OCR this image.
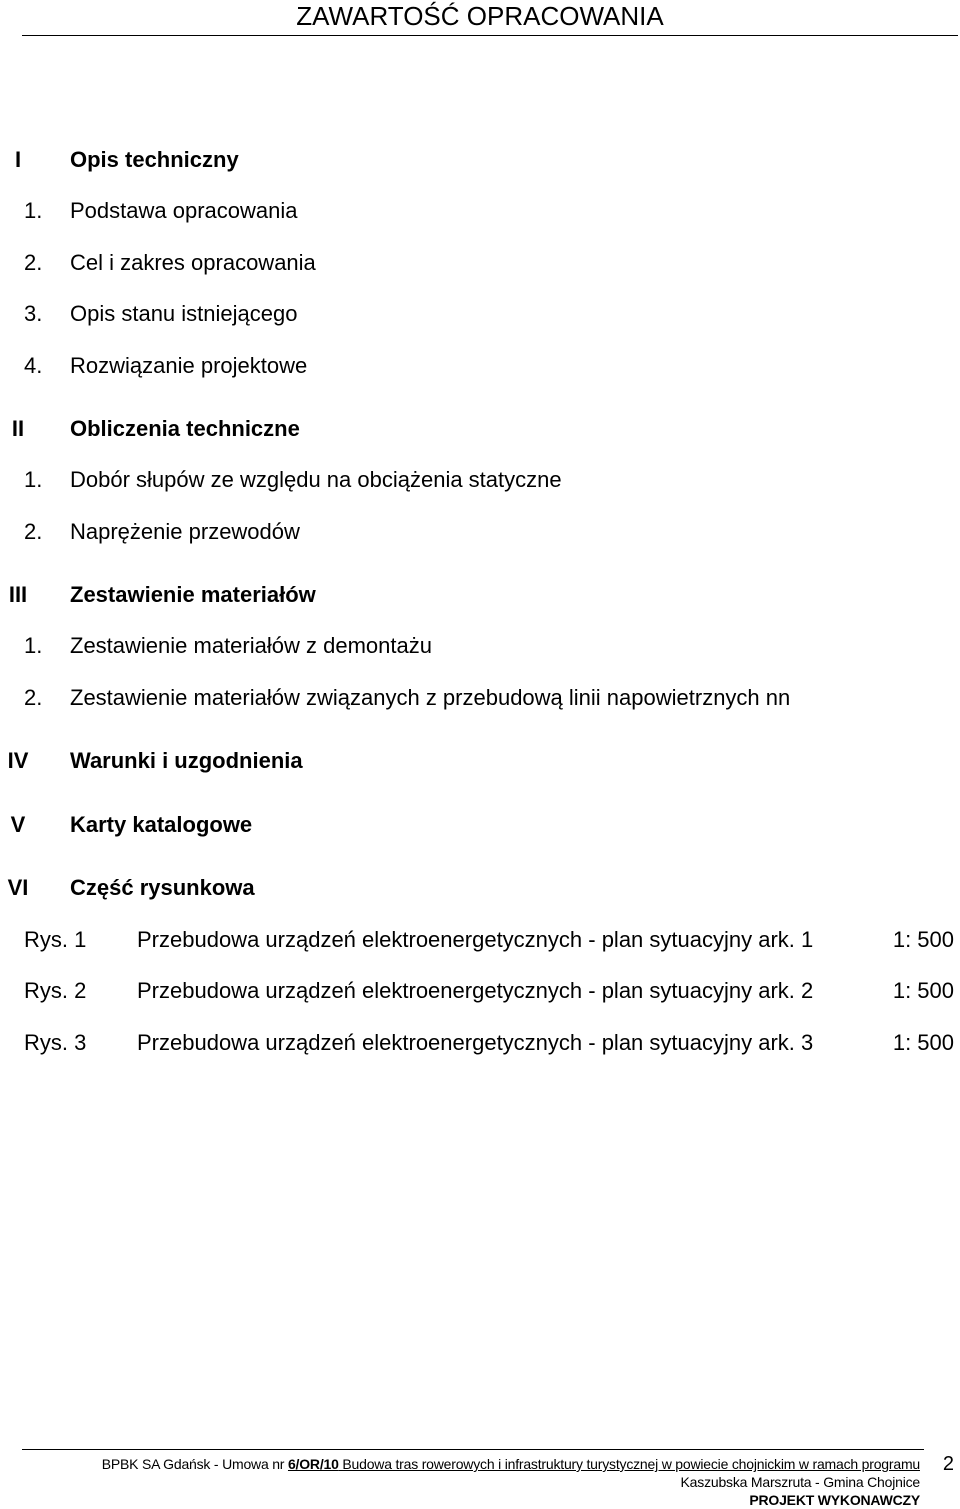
ZAWARTOŚĆ OPRACOWANIA
I	Opis techniczny
1. Podstawa opracowania
2. Cel i zakres opracowania
3. Opis stanu istniejącego
4. Rozwiązanie projektowe
II Obliczenia techniczne
1. Dobór słupów ze względu na obciążenia statyczne
2. Naprężenie przewodów
III Zestawienie materiałów
1. Zestawienie materiałów z demontażu
2. Zestawienie materiałów związanych z przebudową linii napowietrznych nn
IV Warunki i uzgodnienia
V Karty katalogowe
VI Część rysunkowa
Rys. 1 Przebudowa urządzeń elektroenergetycznych - plan sytuacyjny ark. 1	1: 500
Rys. 2 Przebudowa urządzeń elektroenergetycznych - plan sytuacyjny ark. 2	1: 500
Rys. 3 Przebudowa urządzeń elektroenergetycznych - plan sytuacyjny ark. 3	1: 500
BPBK SA Gdańsk - Umowa nr 6/OR/10 Budowa tras rowerowych i infrastruktury turystycznej w powiecie chojnickim w ramach programu
Kaszubska Marszruta - Gmina Chojnice
PROJEKT WYKONAWCZY
2
